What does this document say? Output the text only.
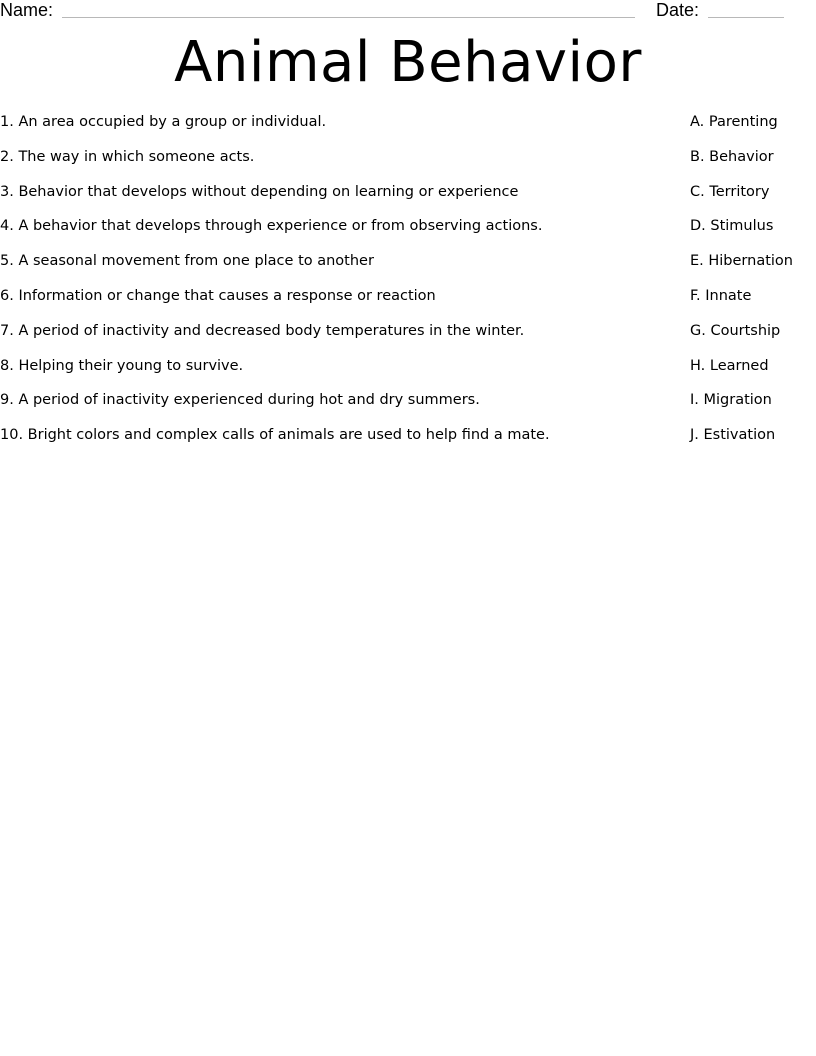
Name:	Date:
Animal Behavior
1. An area occupied by a group or individual.
2. The way in which someone acts.
3. Behavior that develops without depending on learning or experience
4. A behavior that develops through experience or from observing actions.
5. A seasonal movement from one place to another
6. Information or change that causes a response or reaction
7. A period of inactivity and decreased body temperatures in the winter.
8. Helping their young to survive.
9. A period of inactivity experienced during hot and dry summers.
10. Bright colors and complex calls of animals are used to help find a mate.
A. Parenting
B. Behavior
C. Territory
D. Stimulus
E. Hibernation
F. Innate
G. Courtship
H. Learned
I. Migration
J. Estivation
